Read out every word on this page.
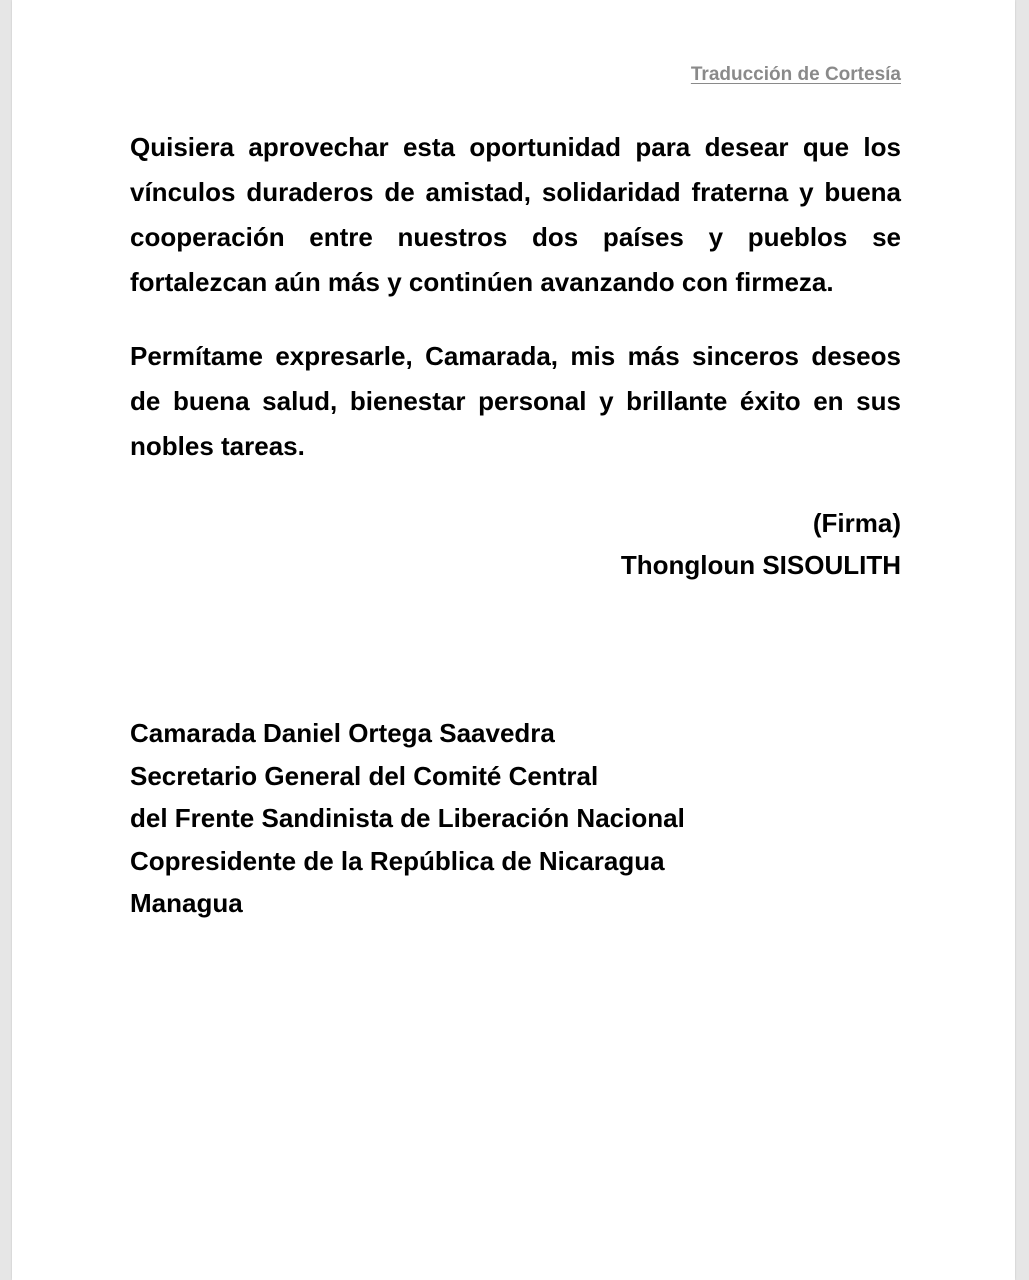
Traducción de Cortesía

Quisiera aprovechar esta oportunidad para desear que los vínculos duraderos de amistad, solidaridad fraterna y buena cooperación entre nuestros dos países y pueblos se fortalezcan aún más y continúen avanzando con firmeza.

Permítame expresarle, Camarada, mis más sinceros deseos de buena salud, bienestar personal y brillante éxito en sus nobles tareas.

(Firma)
Thongloun SISOULITH
Camarada Daniel Ortega Saavedra
Secretario General del Comité Central
del Frente Sandinista de Liberación Nacional
Copresidente de la República de Nicaragua
Managua
